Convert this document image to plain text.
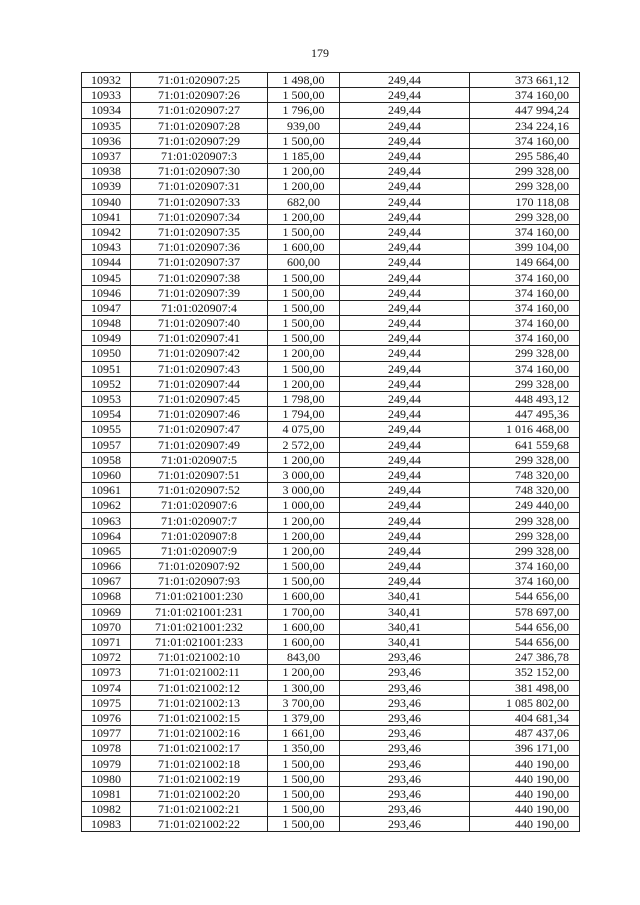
179
10932	71:01:020907:25	1 498,00	249,44	373 661,12
10933	71:01:020907:26	1 500,00	249,44	374 160,00
10934	71:01:020907:27	1 796,00	249,44	447 994,24
10935	71:01:020907:28	939,00	249,44	234 224,16
10936	71:01:020907:29	1 500,00	249,44	374 160,00
10937	71:01:020907:3	1 185,00	249,44	295 586,40
10938	71:01:020907:30	1 200,00	249,44	299 328,00
10939	71:01:020907:31	1 200,00	249,44	299 328,00
10940	71:01:020907:33	682,00	249,44	170 118,08
10941	71:01:020907:34	1 200,00	249,44	299 328,00
10942	71:01:020907:35	1 500,00	249,44	374 160,00
10943	71:01:020907:36	1 600,00	249,44	399 104,00
10944	71:01:020907:37	600,00	249,44	149 664,00
10945	71:01:020907:38	1 500,00	249,44	374 160,00
10946	71:01:020907:39	1 500,00	249,44	374 160,00
10947	71:01:020907:4	1 500,00	249,44	374 160,00
10948	71:01:020907:40	1 500,00	249,44	374 160,00
10949	71:01:020907:41	1 500,00	249,44	374 160,00
10950	71:01:020907:42	1 200,00	249,44	299 328,00
10951	71:01:020907:43	1 500,00	249,44	374 160,00
10952	71:01:020907:44	1 200,00	249,44	299 328,00
10953	71:01:020907:45	1 798,00	249,44	448 493,12
10954	71:01:020907:46	1 794,00	249,44	447 495,36
10955	71:01:020907:47	4 075,00	249,44	1 016 468,00
10957	71:01:020907:49	2 572,00	249,44	641 559,68
10958	71:01:020907:5	1 200,00	249,44	299 328,00
10960	71:01:020907:51	3 000,00	249,44	748 320,00
10961	71:01:020907:52	3 000,00	249,44	748 320,00
10962	71:01:020907:6	1 000,00	249,44	249 440,00
10963	71:01:020907:7	1 200,00	249,44	299 328,00
10964	71:01:020907:8	1 200,00	249,44	299 328,00
10965	71:01:020907:9	1 200,00	249,44	299 328,00
10966	71:01:020907:92	1 500,00	249,44	374 160,00
10967	71:01:020907:93	1 500,00	249,44	374 160,00
10968	71:01:021001:230	1 600,00	340,41	544 656,00
10969	71:01:021001:231	1 700,00	340,41	578 697,00
10970	71:01:021001:232	1 600,00	340,41	544 656,00
10971	71:01:021001:233	1 600,00	340,41	544 656,00
10972	71:01:021002:10	843,00	293,46	247 386,78
10973	71:01:021002:11	1 200,00	293,46	352 152,00
10974	71:01:021002:12	1 300,00	293,46	381 498,00
10975	71:01:021002:13	3 700,00	293,46	1 085 802,00
10976	71:01:021002:15	1 379,00	293,46	404 681,34
10977	71:01:021002:16	1 661,00	293,46	487 437,06
10978	71:01:021002:17	1 350,00	293,46	396 171,00
10979	71:01:021002:18	1 500,00	293,46	440 190,00
10980	71:01:021002:19	1 500,00	293,46	440 190,00
10981	71:01:021002:20	1 500,00	293,46	440 190,00
10982	71:01:021002:21	1 500,00	293,46	440 190,00
10983	71:01:021002:22	1 500,00	293,46	440 190,00
